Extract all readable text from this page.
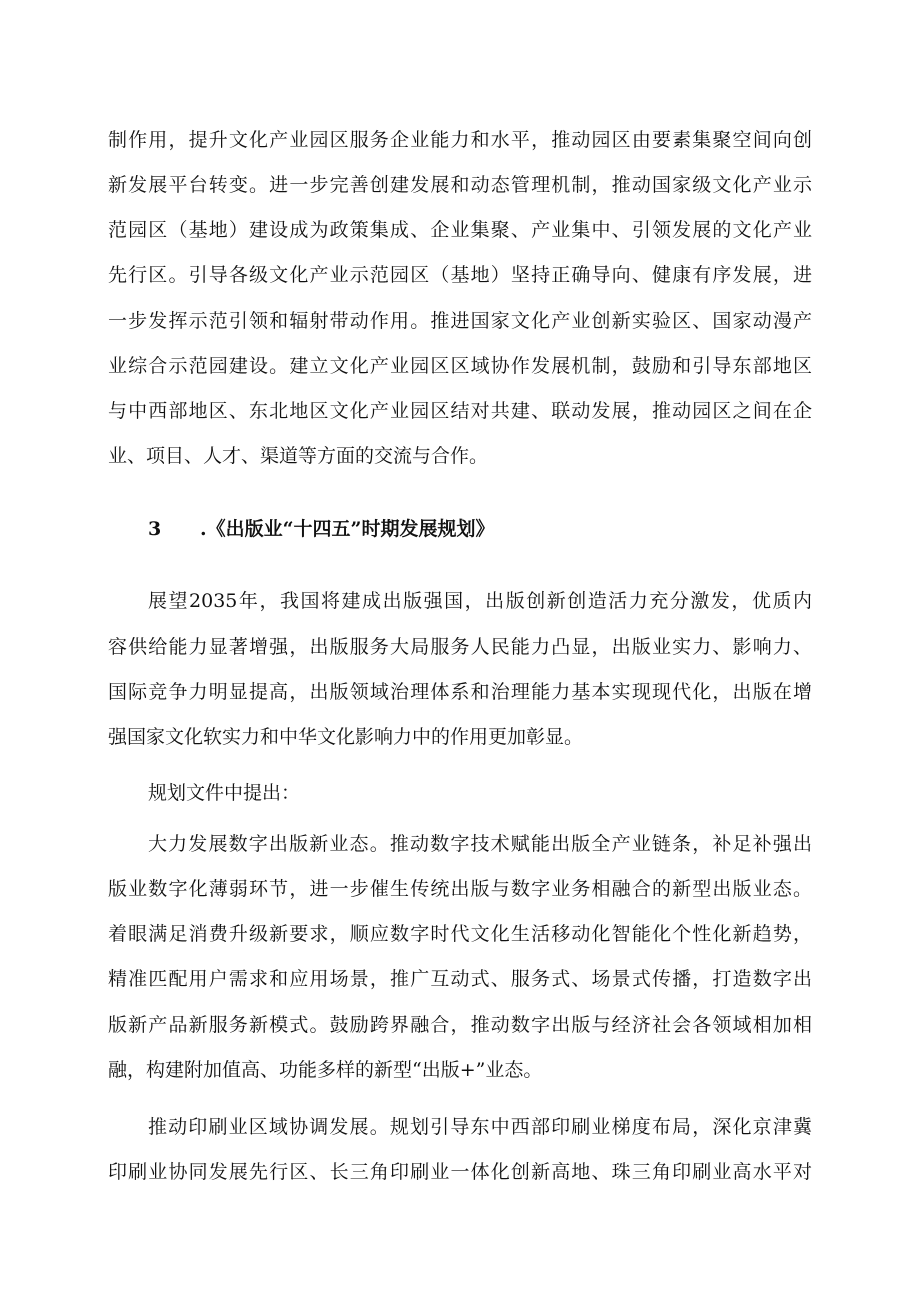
制作用，提升文化产业园区服务企业能力和水平，推动园区由要素集聚空间向创
新发展平台转变。进一步完善创建发展和动态管理机制，推动国家级文化产业示
范园区（基地）建设成为政策集成、企业集聚、产业集中、引领发展的文化产业
先行区。引导各级文化产业示范园区（基地）坚持正确导向、健康有序发展，进
一步发挥示范引领和辐射带动作用。推进国家文化产业创新实验区、国家动漫产
业综合示范园建设。建立文化产业园区区域协作发展机制，鼓励和引导东部地区
与中西部地区、东北地区文化产业园区结对共建、联动发展，推动园区之间在企
业、项目、人才、渠道等方面的交流与合作。
3 .《出版业“十四五”时期发展规划》
展望2035年，我国将建成出版强国，出版创新创造活力充分激发，优质内
容供给能力显著增强，出版服务大局服务人民能力凸显，出版业实力、影响力、
国际竞争力明显提高，出版领域治理体系和治理能力基本实现现代化，出版在增
强国家文化软实力和中华文化影响力中的作用更加彰显。
规划文件中提出：
大力发展数字出版新业态。推动数字技术赋能出版全产业链条，补足补强出
版业数字化薄弱环节，进一步催生传统出版与数字业务相融合的新型出版业态。
着眼满足消费升级新要求，顺应数字时代文化生活移动化智能化个性化新趋势，
精准匹配用户需求和应用场景，推广互动式、服务式、场景式传播，打造数字出
版新产品新服务新模式。鼓励跨界融合，推动数字出版与经济社会各领域相加相
融，构建附加值高、功能多样的新型“出版+”业态。
推动印刷业区域协调发展。规划引导东中西部印刷业梯度布局，深化京津冀
印刷业协同发展先行区、长三角印刷业一体化创新高地、珠三角印刷业高水平对
